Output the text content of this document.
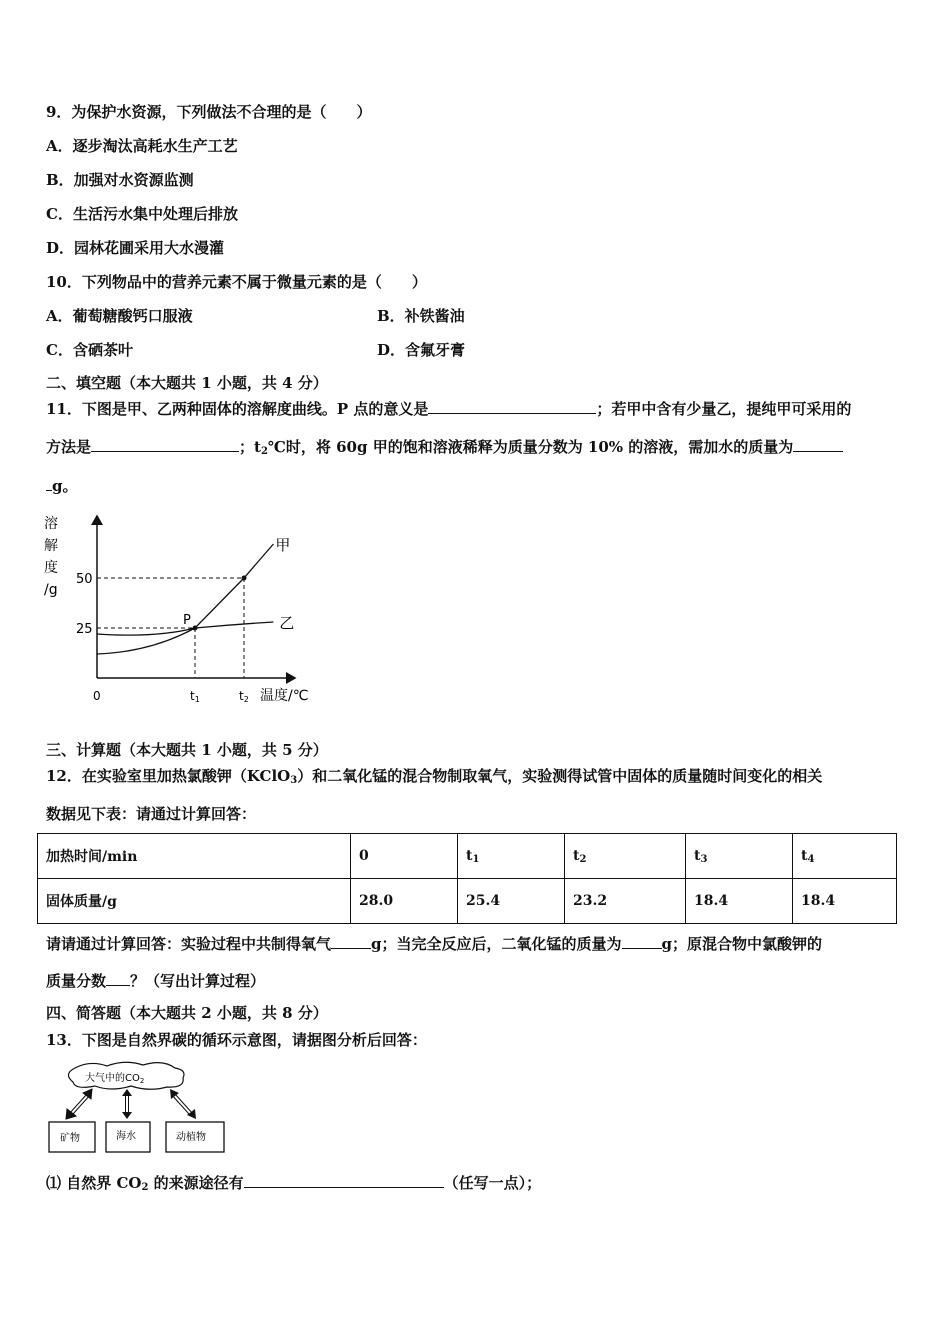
9．为保护水资源，下列做法不合理的是（　　）
A．逐步淘汰高耗水生产工艺
B．加强对水资源监测
C．生活污水集中处理后排放
D．园林花圃采用大水漫灌
10．下列物品中的营养元素不属于微量元素的是（　　）
A．葡萄糖酸钙口服液	B．补铁酱油
C．含硒茶叶	D．含氟牙膏
二、填空题（本大题共 1 小题，共 4 分）
11．下图是甲、乙两种固体的溶解度曲线。P 点的意义是	；若甲中含有少量乙，提纯甲可采用的
方法是	；$t_2℃$时，将 60g 甲的饱和溶液稀释为质量分数为 10% 的溶液，需加水的质量为
g。
溶
解
度
/g
25
50
0	t1	t2 温度/℃
甲
乙
P
三、计算题（本大题共 1 小题，共 5 分）
12．在实验室里加热氯酸钾（KClO$_3$）和二氧化锰的混合物制取氧气，实验测得试管中固体的质量随时间变化的相关
数据见下表：请通过计算回答：
加热时间/min	0	$t_1$	$t_2$	$t_3$	$t_4$
固体质量/g	28.0	25.4	23.2	18.4	18.4
请请通过计算回答：实验过程中共制得氧气	g；当完全反应后，二氧化锰的质量为	g；原混合物中氯酸钾的
质量分数 ？（写出计算过程）
四、简答题（本大题共 2 小题，共 8 分）
13．下图是自然界碳的循环示意图，请据图分析后回答：
大气中的$CO_2$
矿物	海水	动植物
⑴ 自然界 $CO_2$ 的来源途径有	（任写一点）；
